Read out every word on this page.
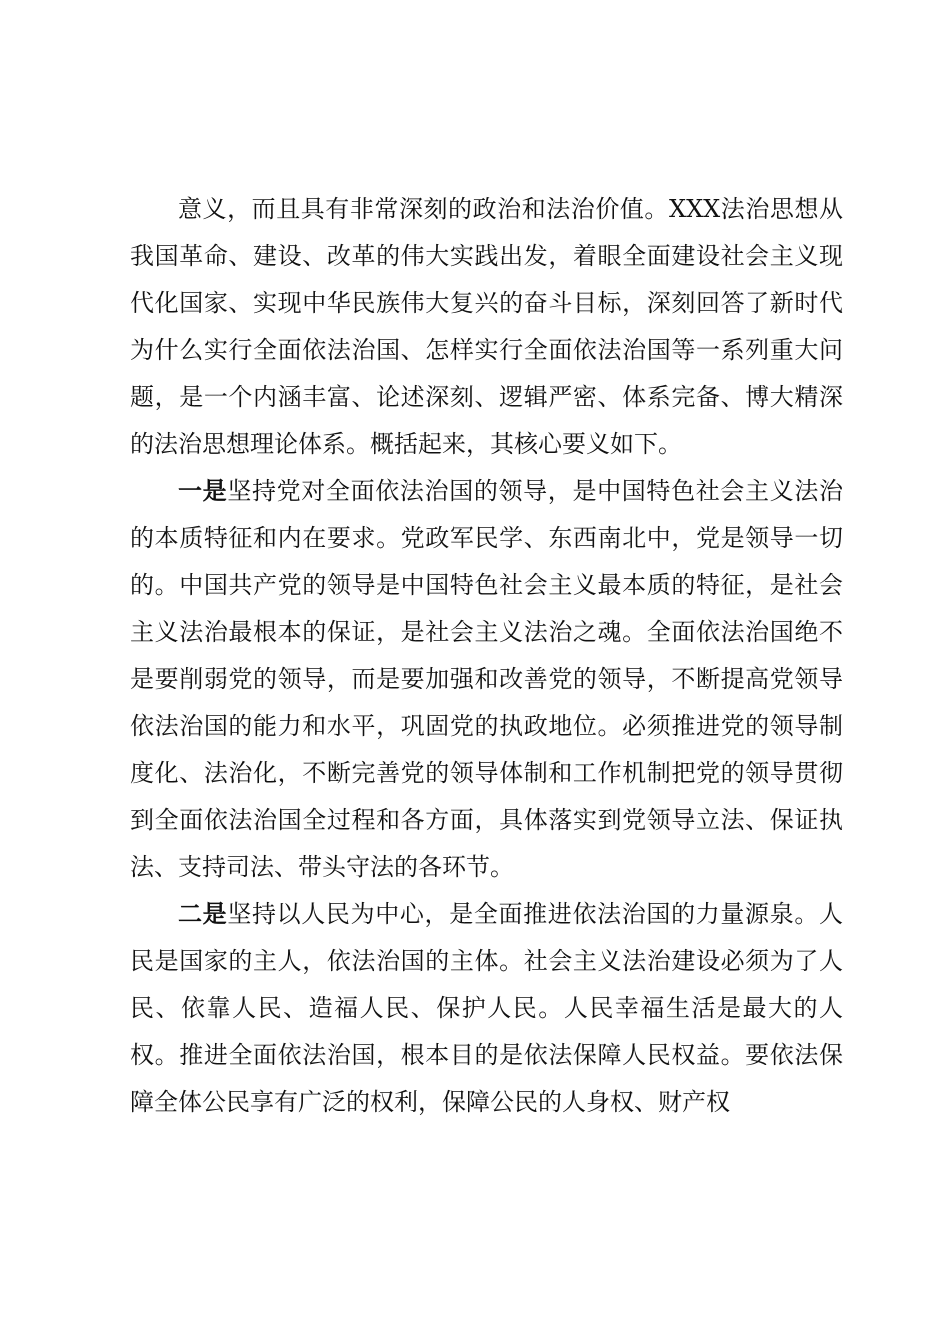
意义，而且具有非常深刻的政治和法治价值。XXX法治思想从我国革命、建设、改革的伟大实践出发，着眼全面建设社会主义现代化国家、实现中华民族伟大复兴的奋斗目标，深刻回答了新时代为什么实行全面依法治国、怎样实行全面依法治国等一系列重大问题，是一个内涵丰富、论述深刻、逻辑严密、体系完备、博大精深的法治思想理论体系。概括起来，其核心要义如下。

一是坚持党对全面依法治国的领导，是中国特色社会主义法治的本质特征和内在要求。党政军民学、东西南北中，党是领导一切的。中国共产党的领导是中国特色社会主义最本质的特征，是社会主义法治最根本的保证，是社会主义法治之魂。全面依法治国绝不是要削弱党的领导，而是要加强和改善党的领导，不断提高党领导依法治国的能力和水平，巩固党的执政地位。必须推进党的领导制度化、法治化，不断完善党的领导体制和工作机制把党的领导贯彻到全面依法治国全过程和各方面，具体落实到党领导立法、保证执法、支持司法、带头守法的各环节。

二是坚持以人民为中心，是全面推进依法治国的力量源泉。人民是国家的主人，依法治国的主体。社会主义法治建设必须为了人民、依靠人民、造福人民、保护人民。人民幸福生活是最大的人权。推进全面依法治国，根本目的是依法保障人民权益。要依法保障全体公民享有广泛的权利，保障公民的人身权、财产权
